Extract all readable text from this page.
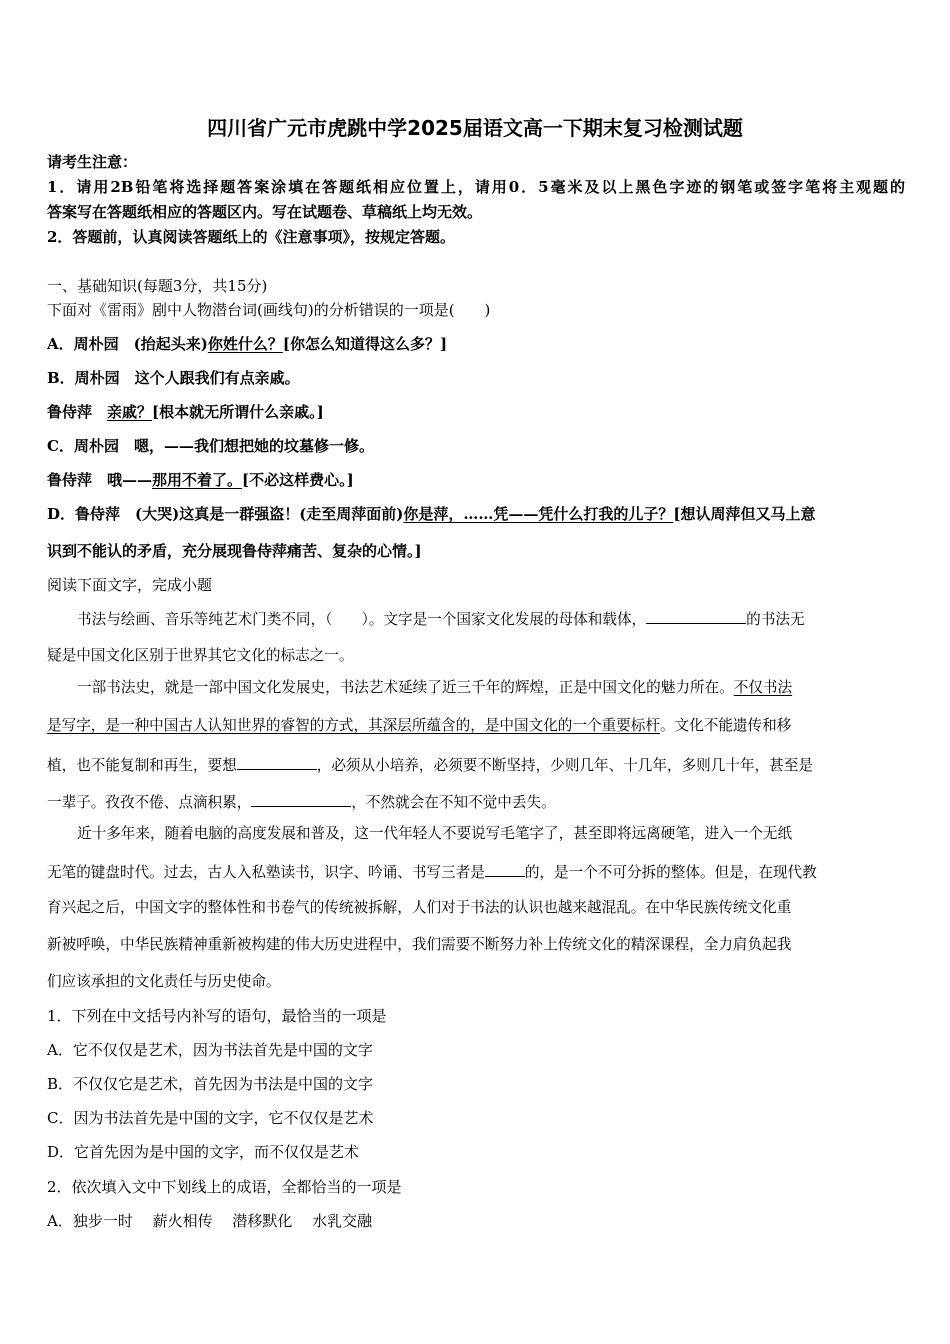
四川省广元市虎跳中学2025届语文高一下期末复习检测试题
请考生注意：
1．请用2B铅笔将选择题答案涂填在答题纸相应位置上，请用0．5毫米及以上黑色字迹的钢笔或签字笔将主观题的
答案写在答题纸相应的答题区内。写在试题卷、草稿纸上均无效。
2．答题前，认真阅读答题纸上的《注意事项》，按规定答题。
一、基础知识(每题3分，共15分)
下面对《雷雨》剧中人物潜台词(画线句)的分析错误的一项是(　　)
A．周朴园　(抬起头来)你姓什么？[你怎么知道得这么多？]
B．周朴园　这个人跟我们有点亲戚。
鲁侍萍　亲戚？[根本就无所谓什么亲戚。]
C．周朴园　嗯，——我们想把她的坟墓修一修。
鲁侍萍　哦——那用不着了。[不必这样费心。]
D．鲁侍萍　(大哭)这真是一群强盗！(走至周萍面前)你是萍，……凭——凭什么打我的儿子？[想认周萍但又马上意
识到不能认的矛盾，充分展现鲁侍萍痛苦、复杂的心情。]
阅读下面文字，完成小题
书法与绘画、音乐等纯艺术门类不同，（　　）。文字是一个国家文化发展的母体和载体，	的书法无
疑是中国文化区别于世界其它文化的标志之一。
一部书法史，就是一部中国文化发展史，书法艺术延续了近三千年的辉煌，正是中国文化的魅力所在。不仅书法
是写字，是一种中国古人认知世界的睿智的方式，其深层所蕴含的，是中国文化的一个重要标杆。文化不能遗传和移
植，也不能复制和再生，要想	，必须从小培养，必须要不断坚持，少则几年、十几年，多则几十年，甚至是
一辈子。孜孜不倦、点滴积累，	，不然就会在不知不觉中丢失。
近十多年来，随着电脑的高度发展和普及，这一代年轻人不要说写毛笔字了，甚至即将远离硬笔，进入一个无纸
无笔的键盘时代。过去，古人入私塾读书，识字、吟诵、书写三者是	的，是一个不可分拆的整体。但是，在现代教
育兴起之后，中国文字的整体性和书卷气的传统被拆解，人们对于书法的认识也越来越混乱。在中华民族传统文化重
新被呼唤，中华民族精神重新被构建的伟大历史进程中，我们需要不断努力补上传统文化的精深课程，全力肩负起我
们应该承担的文化责任与历史使命。
1．下列在中文括号内补写的语句，最恰当的一项是
A．它不仅仅是艺术，因为书法首先是中国的文字
B．不仅仅它是艺术，首先因为书法是中国的文字
C．因为书法首先是中国的文字，它不仅仅是艺术
D．它首先因为是中国的文字，而不仅仅是艺术
2．依次填入文中下划线上的成语，全都恰当的一项是
A．独步一时　 薪火相传　 潜移默化　 水乳交融
